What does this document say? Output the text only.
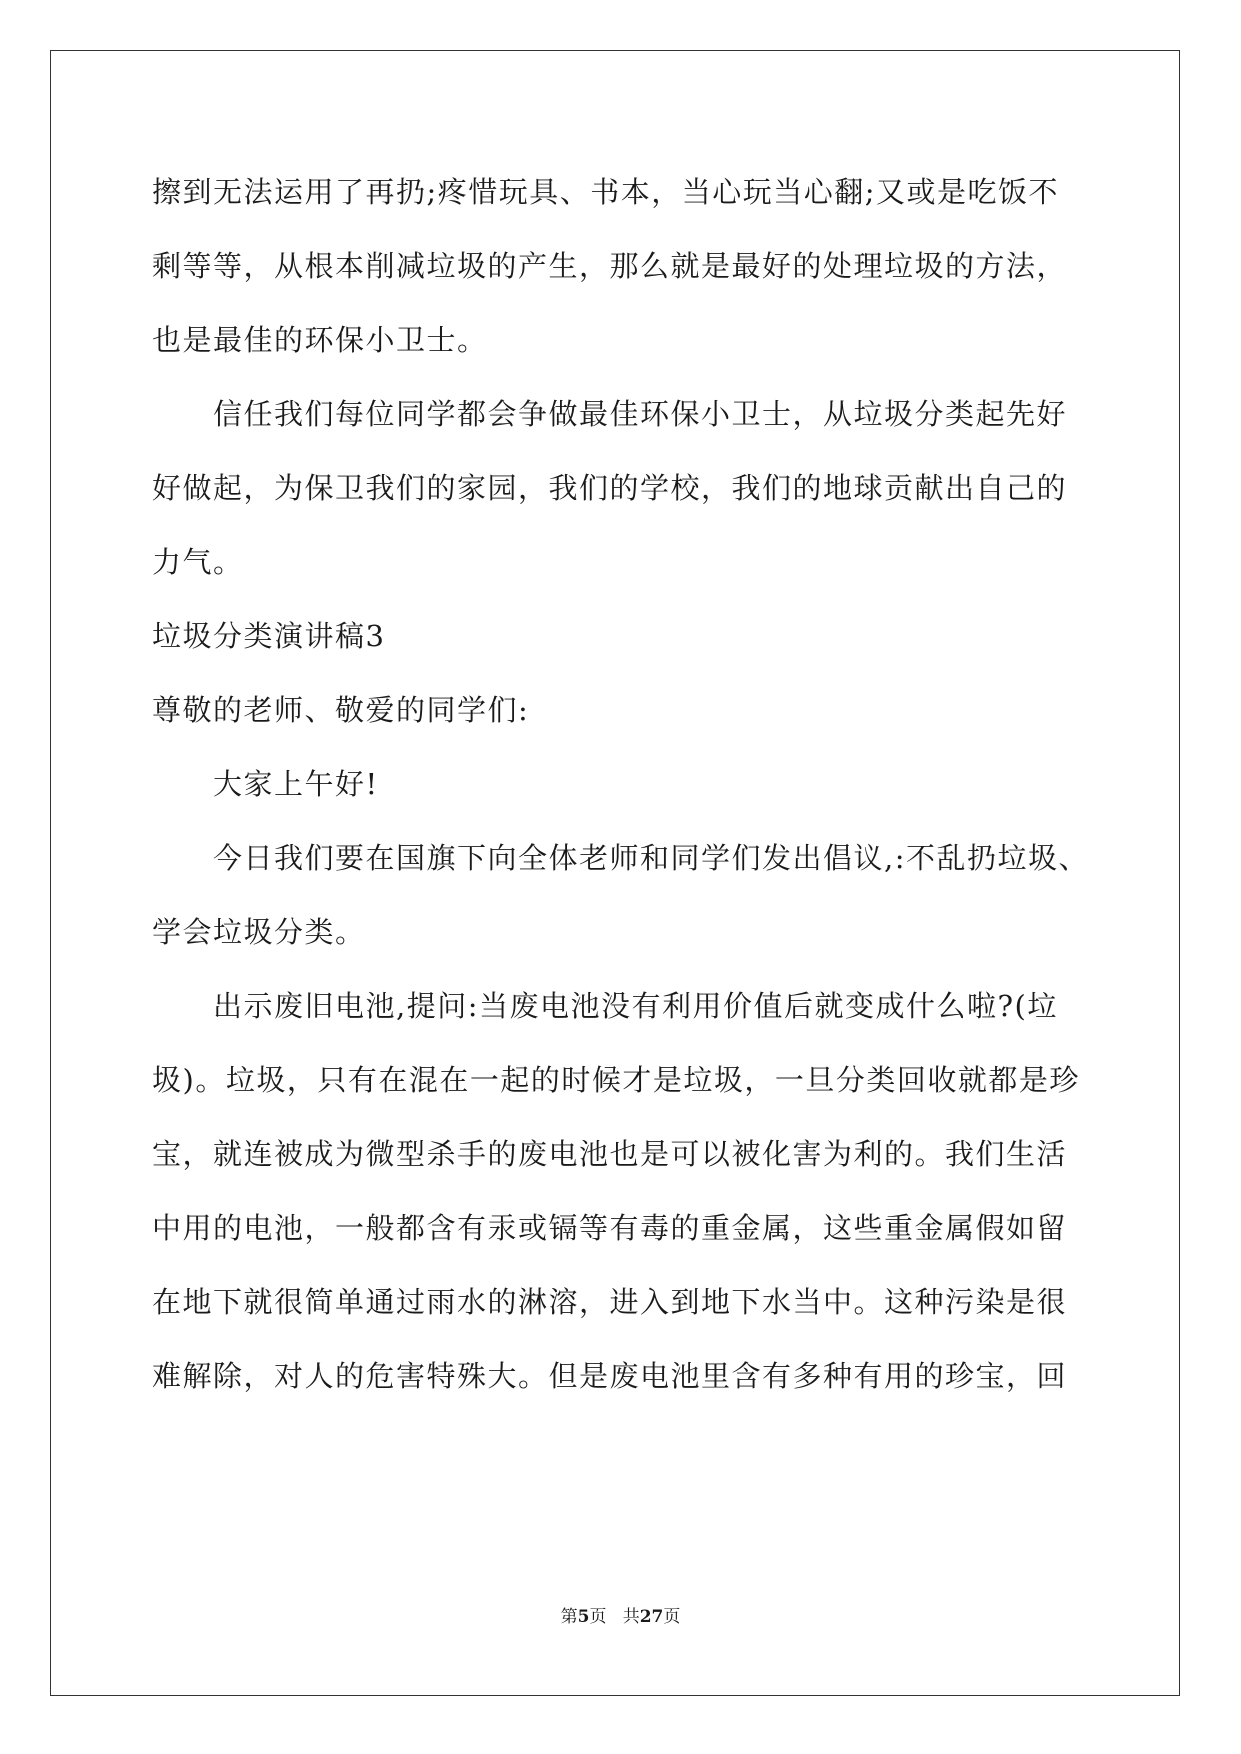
擦到无法运用了再扔;疼惜玩具、书本，当心玩当心翻;又或是吃饭不
剩等等，从根本削减垃圾的产生，那么就是最好的处理垃圾的方法，
也是最佳的环保小卫士。
信任我们每位同学都会争做最佳环保小卫士，从垃圾分类起先好
好做起，为保卫我们的家园，我们的学校，我们的地球贡献出自己的
力气。
垃圾分类演讲稿3
尊敬的老师、敬爱的同学们:
大家上午好!
今日我们要在国旗下向全体老师和同学们发出倡议,:不乱扔垃圾、
学会垃圾分类。
出示废旧电池,提问:当废电池没有利用价值后就变成什么啦?(垃
圾)。垃圾，只有在混在一起的时候才是垃圾，一旦分类回收就都是珍
宝，就连被成为微型杀手的废电池也是可以被化害为利的。我们生活
中用的电池，一般都含有汞或镉等有毒的重金属，这些重金属假如留
在地下就很简单通过雨水的淋溶，进入到地下水当中。这种污染是很
难解除，对人的危害特殊大。但是废电池里含有多种有用的珍宝，回
第5页 共27页
